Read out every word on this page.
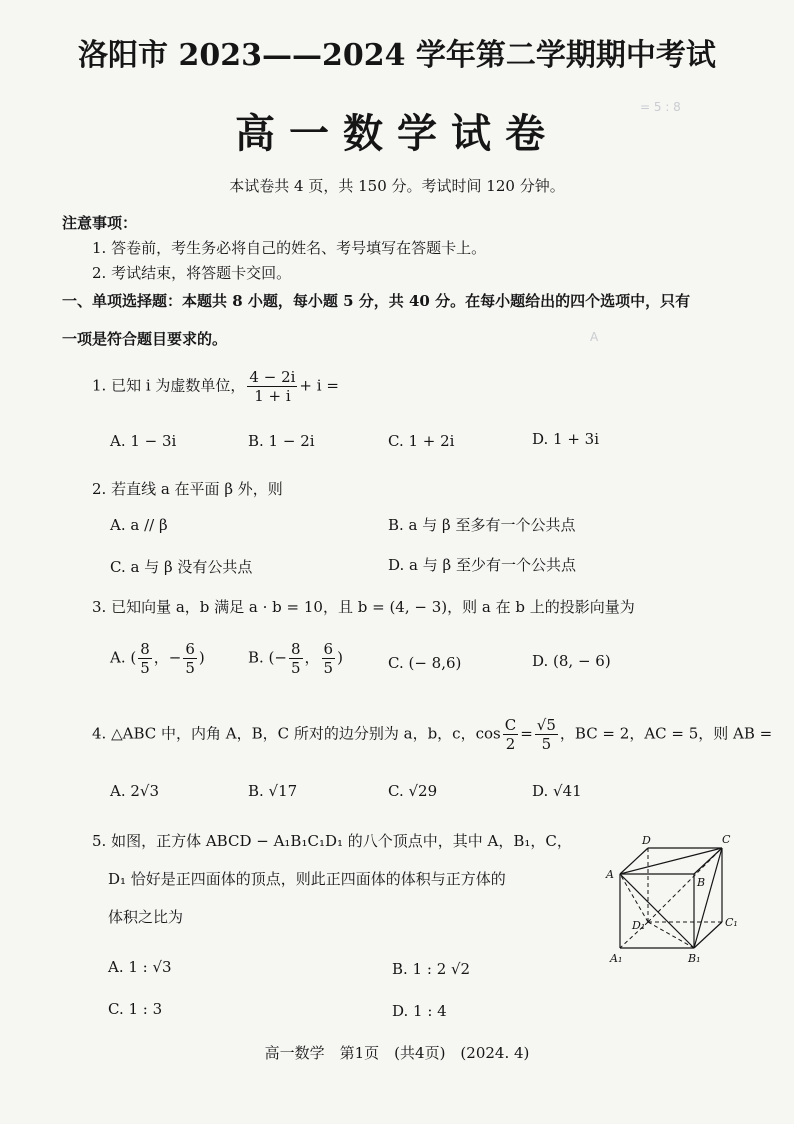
= 5 : 8
A
洛阳市 2023——2024 学年第二学期期中考试
高一数学试卷
本试卷共 4 页，共 150 分。考试时间 120 分钟。
注意事项：
1. 答卷前，考生务必将自己的姓名、考号填写在答题卡上。
2. 考试结束，将答题卡交回。
一、单项选择题：本题共 8 小题，每小题 5 分，共 40 分。在每小题给出的四个选项中，只有
一项是符合题目要求的。
1. 已知 i 为虚数单位， $\frac{4 - 2i}{1 + i} + i$ =
A. 1 − 3i	B. 1 − 2i	C. 1 + 2i	D. 1 + 3i
2. 若直线 a 在平面 β 外，则
A. a // β	B. a 与 β 至多有一个公共点
C. a 与 β 没有公共点	D. a 与 β 至少有一个公共点
3. 已知向量 a，b 满足 a · b = 10，且 b = (4, − 3)，则 a 在 b 上的投影向量为
A. ( $\frac{8}{5}$ ，− $\frac{6}{5}$ )	B. (− $\frac{8}{5}$ ， $\frac{6}{5}$ )	C. (− 8,6)	D. (8, − 6)
4. △ABC 中，内角 A，B，C 所对的边分别为 a，b，c，$\cos \frac{C}{2} = \frac{√5}{5}$ ，BC = 2，AC = 5，则 AB =
A. 2√3	B. √17	C. √29	D. √41
5. 如图，正方体 ABCD − A₁B₁C₁D₁ 的八个顶点中，其中 A，B₁，C，
D₁ 恰好是正四面体的顶点，则此正四面体的体积与正方体的
体积之比为
A. 1 : √3	B. 1 : 2 √2
C. 1 : 3	D. 1 : 4
D	C
A
B
D₁	C₁
A₁	B₁
高一数学　第1页　(共4页)　(2024. 4)
